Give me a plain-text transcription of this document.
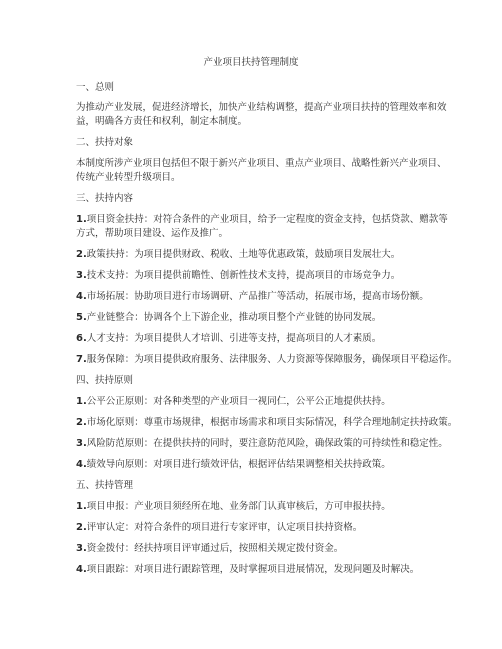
产业项目扶持管理制度
一、总则
为推动产业发展，促进经济增长，加快产业结构调整，提高产业项目扶持的管理效率和效
益，明确各方责任和权利，制定本制度。
二、扶持对象
本制度所涉产业项目包括但不限于新兴产业项目、重点产业项目、战略性新兴产业项目、
传统产业转型升级项目。
三、扶持内容
1.项目资金扶持：对符合条件的产业项目，给予一定程度的资金支持，包括贷款、赠款等
方式，帮助项目建设、运作及推广。
2.政策扶持：为项目提供财政、税收、土地等优惠政策，鼓励项目发展壮大。
3.技术支持：为项目提供前瞻性、创新性技术支持，提高项目的市场竞争力。
4.市场拓展：协助项目进行市场调研、产品推广等活动，拓展市场，提高市场份额。
5.产业链整合：协调各个上下游企业，推动项目整个产业链的协同发展。
6.人才支持：为项目提供人才培训、引进等支持，提高项目的人才素质。
7.服务保障：为项目提供政府服务、法律服务、人力资源等保障服务，确保项目平稳运作。
四、扶持原则
1.公平公正原则：对各种类型的产业项目一视同仁，公平公正地提供扶持。
2.市场化原则：尊重市场规律，根据市场需求和项目实际情况，科学合理地制定扶持政策。
3.风险防范原则：在提供扶持的同时，要注意防范风险，确保政策的可持续性和稳定性。
4.绩效导向原则：对项目进行绩效评估，根据评估结果调整相关扶持政策。
五、扶持管理
1.项目申报：产业项目须经所在地、业务部门认真审核后，方可申报扶持。
2.评审认定：对符合条件的项目进行专家评审，认定项目扶持资格。
3.资金拨付：经扶持项目评审通过后，按照相关规定拨付资金。
4.项目跟踪：对项目进行跟踪管理，及时掌握项目进展情况，发现问题及时解决。
